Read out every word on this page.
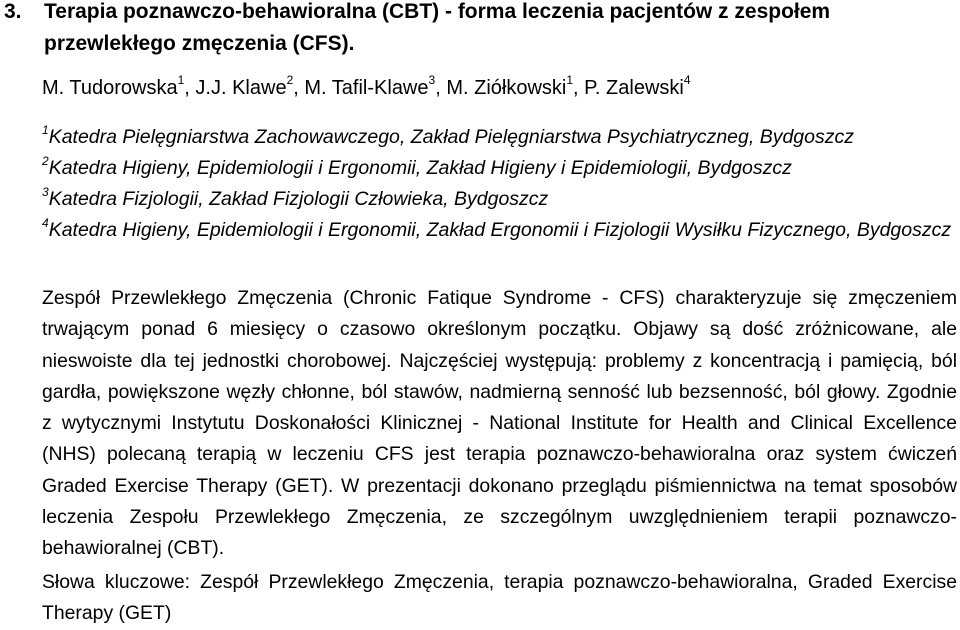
3. Terapia poznawczo-behawioralna (CBT) - forma leczenia pacjentów z zespołem przewlekłego zmęczenia (CFS).
M. Tudorowska$^1$, J.J. Klawe$^2$, M. Tafil-Klawe$^3$, M. Ziółkowski$^1$, P. Zalewski$^4$

$^1$Katedra Pielęgniarstwa Zachowawczego, Zakład Pielęgniarstwa Psychiatryczneg, Bydgoszcz

$^2$Katedra Higieny, Epidemiologii i Ergonomii, Zakład Higieny i Epidemiologii, Bydgoszcz

$^3$Katedra Fizjologii, Zakład Fizjologii Człowieka, Bydgoszcz

$^4$Katedra Higieny, Epidemiologii i Ergonomii, Zakład Ergonomii i Fizjologii Wysiłku Fizycznego, Bydgoszcz

Zespół Przewlekłego Zmęczenia (Chronic Fatique Syndrome - CFS) charakteryzuje się zmęczeniem trwającym ponad 6 miesięcy o czasowo określonym początku. Objawy są dość zróżnicowane, ale nieswoiste dla tej jednostki chorobowej. Najczęściej występują: problemy z koncentracją i pamięcią, ból gardła, powiększone węzły chłonne, ból stawów, nadmierną senność lub bezsenność, ból głowy. Zgodnie z wytycznymi Instytutu Doskonałości Klinicznej - National Institute for Health and Clinical Excellence (NHS) polecaną terapią w leczeniu CFS jest terapia poznawczo-behawioralna oraz system ćwiczeń Graded Exercise Therapy (GET). W prezentacji dokonano przeglądu piśmiennictwa na temat sposobów leczenia Zespołu Przewlekłego Zmęczenia, ze szczególnym uwzględnieniem terapii poznawczo-behawioralnej (CBT).

Słowa kluczowe: Zespół Przewlekłego Zmęczenia, terapia poznawczo-behawioralna, Graded Exercise Therapy (GET)
